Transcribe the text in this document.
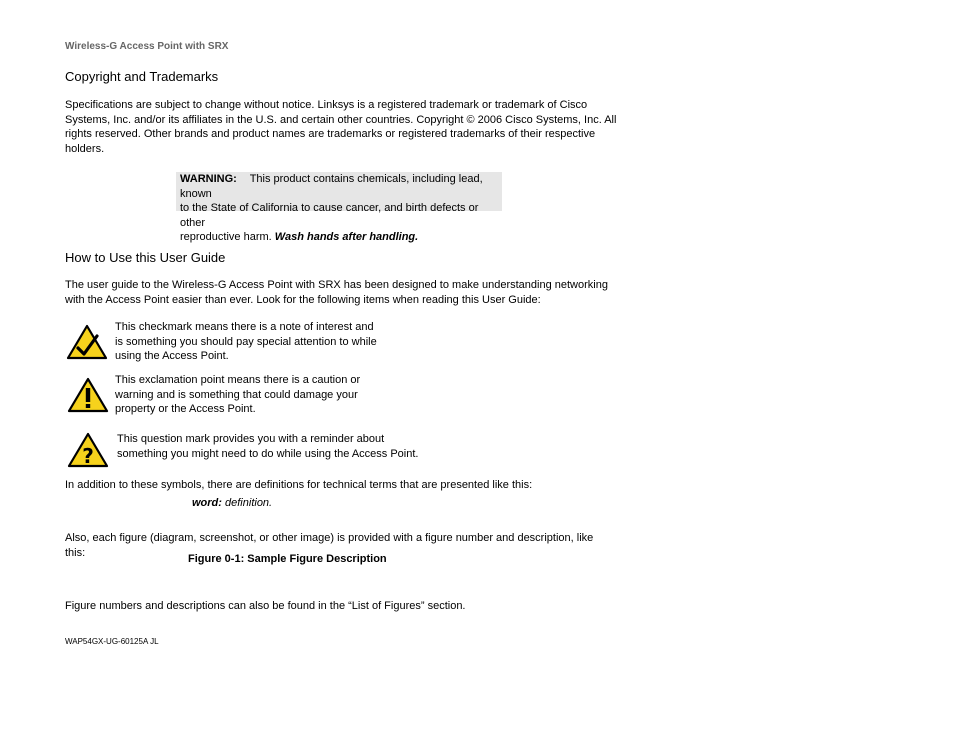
Wireless-G Access Point with SRX
Copyright and Trademarks
Specifications are subject to change without notice. Linksys is a registered trademark or trademark of Cisco
Systems, Inc. and/or its affiliates in the U.S. and certain other countries. Copyright © 2006 Cisco Systems, Inc. All
rights reserved. Other brands and product names are trademarks or registered trademarks of their respective
holders.
WARNING: This product contains chemicals, including lead, known
to the State of California to cause cancer, and birth defects or other
reproductive harm. Wash hands after handling.
How to Use this User Guide
The user guide to the Wireless-G Access Point with SRX has been designed to make understanding networking
with the Access Point easier than ever. Look for the following items when reading this User Guide:
This checkmark means there is a note of interest and
is something you should pay special attention to while
using the Access Point.
This exclamation point means there is a caution or
warning and is something that could damage your
property or the Access Point.
?
This question mark provides you with a reminder about
something you might need to do while using the Access Point.
In addition to these symbols, there are definitions for technical terms that are presented like this:
word: definition.
Also, each figure (diagram, screenshot, or other image) is provided with a figure number and description, like
this:
Figure 0-1: Sample Figure Description
Figure numbers and descriptions can also be found in the “List of Figures” section.
WAP54GX-UG-60125A JL
